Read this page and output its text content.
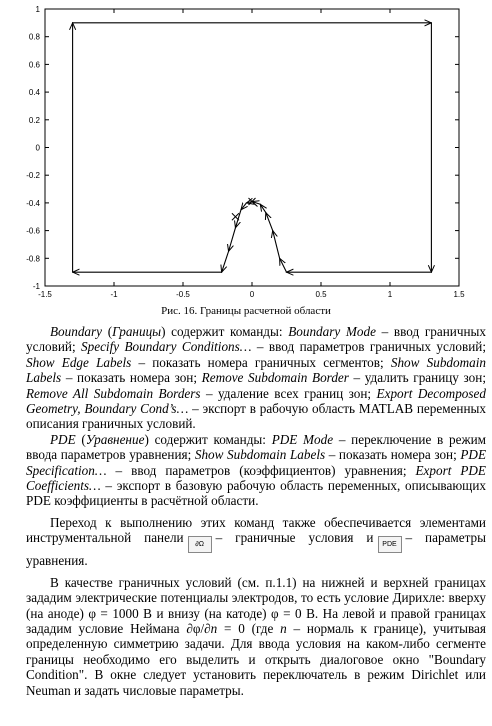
-1.5	-1	-0.5	0	0.5	1	1.5
1
0.8
0.6
0.4
0.2
0
-0.2
-0.4
-0.6
-0.8
-1
Рис. 16. Границы расчетной области

Boundary (Границы) содержит команды: Boundary Mode – ввод граничных условий; Specify Boundary Conditions… – ввод параметров граничных условий; Show Edge Labels – показать номера граничных сегментов; Show Subdomain Labels – показать номера зон; Remove Subdomain Border – удалить границу зон; Remove All Subdomain Borders – удаление всех границ зон; Export Decomposed Geometry, Boundary Cond’s… – экспорт в рабочую область MATLAB переменных описания граничных условий.

PDE (Уравнение) содержит команды: PDE Mode – переключение в режим ввода параметров уравнения; Show Subdomain Labels – показать номера зон; PDE Specification… – ввод параметров (коэффициентов) уравнения; Export PDE Coefficients… – экспорт в базовую рабочую область переменных, описывающих PDE коэффициенты в расчётной области.

Переход к выполнению этих команд также обеспечивается элементами инструментальной панели ∂Ω – граничные условия и PDE – параметры уравнения.

В качестве граничных условий (см. п.1.1) на нижней и верхней границах зададим электрические потенциалы электродов, то есть условие Дирихле: вверху (на аноде) φ = 1000 В и внизу (на катоде) φ = 0 В. На левой и правой границах зададим условие Неймана ∂φ/∂n = 0 (где n – нормаль к границе), учитывая определенную симметрию задачи. Для ввода условия на каком-либо сегменте границы необходимо его выделить и открыть диалоговое окно "Boundary Condition". В окне следует установить переключатель в режим Dirichlet или Neuman и задать числовые параметры.
